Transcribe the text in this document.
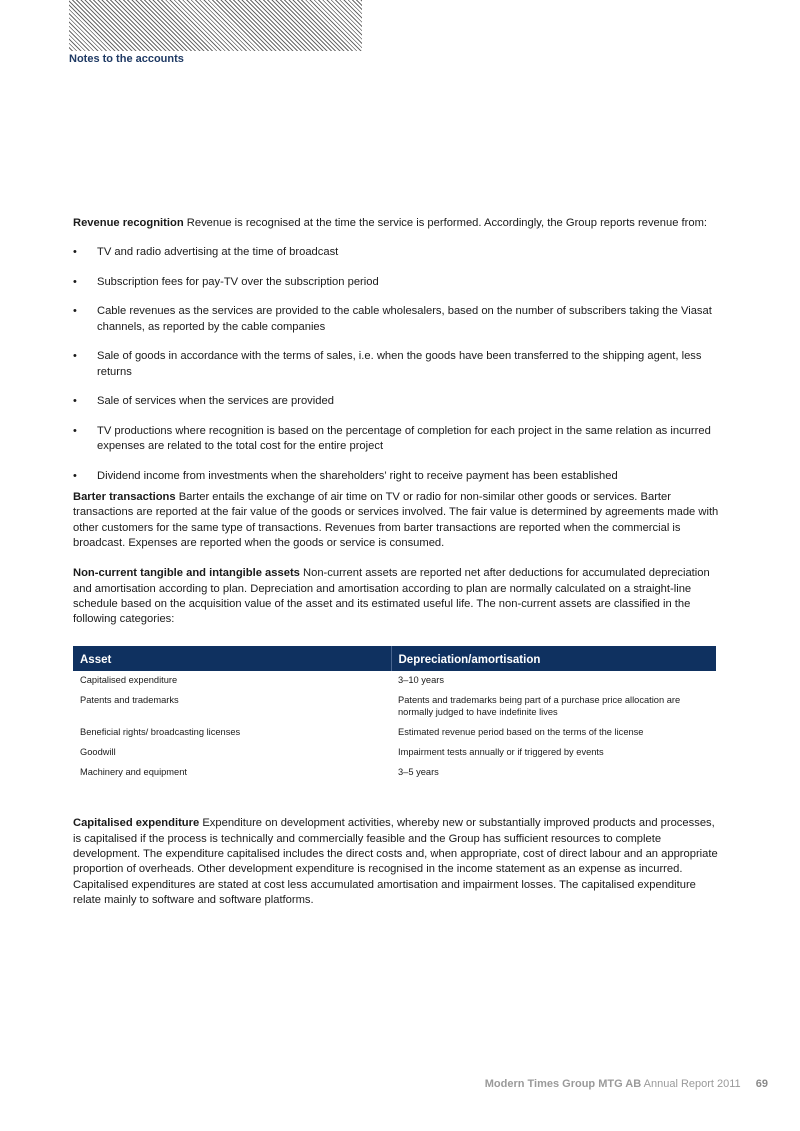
Notes to the accounts

Revenue recognition Revenue is recognised at the time the service is performed. Accordingly, the Group reports revenue from:

• TV and radio advertising at the time of broadcast
• Subscription fees for pay-TV over the subscription period
• Cable revenues as the services are provided to the cable wholesalers, based on the number of subscribers taking the Viasat channels, as reported by the cable companies
• Sale of goods in accordance with the terms of sales, i.e. when the goods have been transferred to the shipping agent, less returns
• Sale of services when the services are provided
• TV productions where recognition is based on the percentage of completion for each project in the same relation as incurred expenses are related to the total cost for the entire project
• Dividend income from investments when the shareholders’ right to receive payment has been established

Barter transactions Barter entails the exchange of air time on TV or radio for non-similar other goods or services. Barter transactions are reported at the fair value of the goods or services involved. The fair value is determined by agreements made with other customers for the same type of transactions. Revenues from barter transactions are reported when the commercial is broadcast. Expenses are reported when the goods or service is consumed.

Non-current tangible and intangible assets Non-current assets are reported net after deductions for accumulated depreciation and amortisation according to plan. Depreciation and amortisation according to plan are normally calculated on a straight-line schedule based on the acquisition value of the asset and its estimated useful life. The non-current assets are classified in the following categories:

Asset	Depreciation/amortisation
Capitalised expenditure	3–10 years
Patents and trademarks	Patents and trademarks being part of a purchase price allocation are normally judged to have indefinite lives
Beneficial rights/ broadcasting licenses	Estimated revenue period based on the terms of the license
Goodwill	Impairment tests annually or if triggered by events
Machinery and equipment	3–5 years

Capitalised expenditure Expenditure on development activities, whereby new or substantially improved products and processes, is capitalised if the process is technically and commercially feasible and the Group has sufficient resources to complete development. The expenditure capitalised includes the direct costs and, when appropriate, cost of direct labour and an appropriate proportion of overheads. Other development expenditure is recognised in the income statement as an expense as incurred. Capitalised expenditures are stated at cost less accumulated amortisation and impairment losses. The capitalised expenditure relate mainly to software and software platforms.

Modern Times Group MTG AB Annual Report 2011 69
